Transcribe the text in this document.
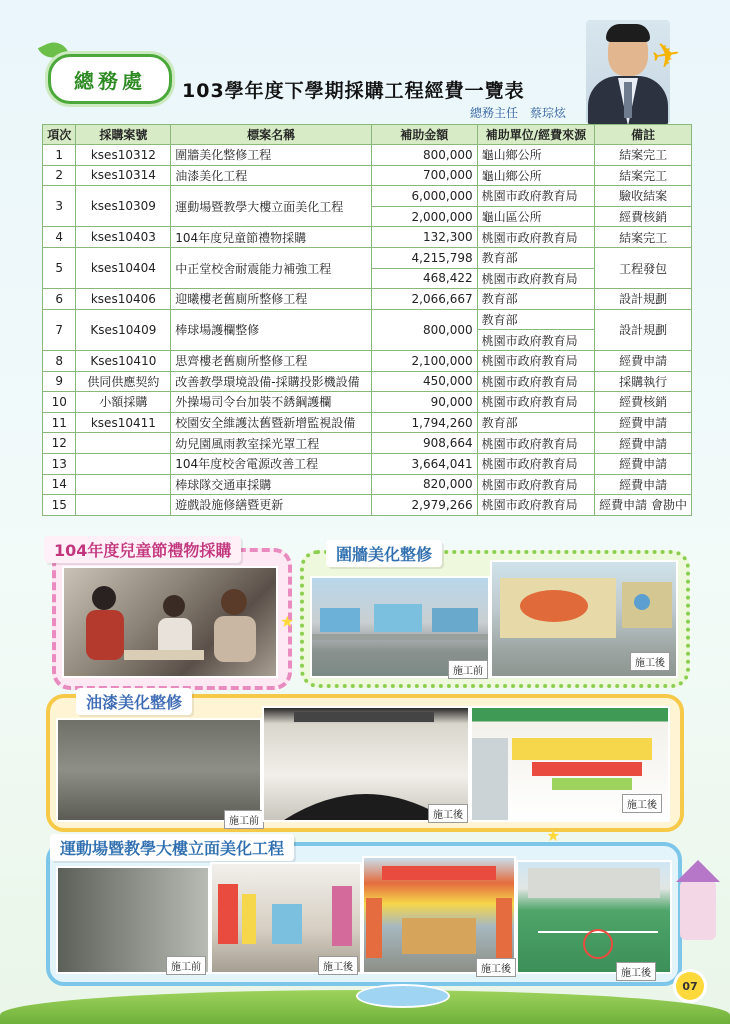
總務處	103學年度下學期採購工程經費一覽表
總務主任 蔡琮炫
✈
項次	採購案號	標案名稱	補助金額	補助單位/經費來源	備註
1	kses10312	圍牆美化整修工程	800,000	龜山鄉公所	結案完工
2	kses10314	油漆美化工程	700,000	龜山鄉公所	結案完工
3	kses10309	運動場暨教學大樓立面美化工程	6,000,000	桃園市政府教育局	驗收結案
			2,000,000	龜山區公所	經費核銷
4	kses10403	104年度兒童節禮物採購	132,300	桃園市政府教育局	結案完工
5	kses10404	中正堂校舍耐震能力補強工程	4,215,798	教育部	工程發包
			468,422	桃園市政府教育局	
6	kses10406	迎曦樓老舊廁所整修工程	2,066,667	教育部	設計規劃
7	Kses10409	棒球場護欄整修	800,000	教育部	設計規劃
				桃園市政府教育局	
8	Kses10410	思齊樓老舊廁所整修工程	2,100,000	桃園市政府教育局	經費申請
9	供同供應契約	改善教學環境設備-採購投影機設備	450,000	桃園市政府教育局	採購執行
10	小額採購	外操場司令台加裝不銹鋼護欄	90,000	桃園市政府教育局	經費核銷
11	kses10411	校園安全維護汰舊暨新增監視設備	1,794,260	教育部	經費申請
12		幼兒園風雨教室採光罩工程	908,664	桃園市政府教育局	經費申請
13		104年度校舍電源改善工程	3,664,041	桃園市政府教育局	經費申請
14		棒球隊交通車採購	820,000	桃園市政府教育局	經費申請
15		遊戲設施修繕暨更新	2,979,266	桃園市政府教育局	經費申請 會勘中
104年度兒童節禮物採購	圍牆美化整修
施工前
施工後
油漆美化整修
施工前
施工後
施工後
運動場暨教學大樓立面美化工程
施工前	施工後	施工後	施工後
★
★
07
